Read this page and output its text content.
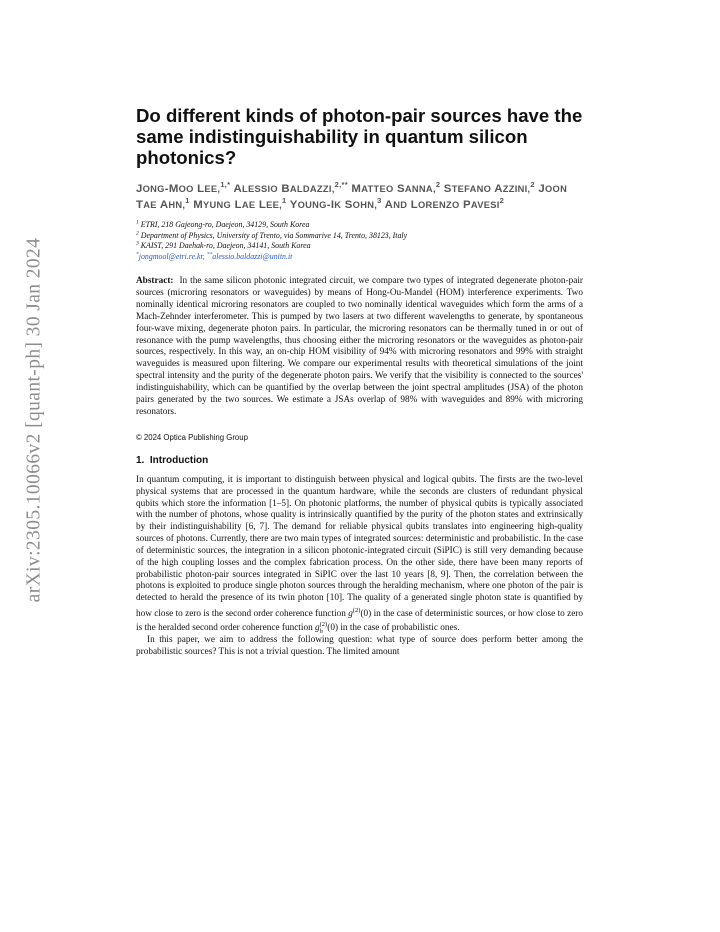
arXiv:2305.10066v2 [quant-ph] 30 Jan 2024
Do different kinds of photon-pair sources have the same indistinguishability in quantum silicon photonics?
JONG-MOO LEE,$^{1,*}$ ALESSIO BALDAZZI,$^{2,**}$ MATTEO SANNA,$^2$ STEFANO AZZINI,$^2$ JOON TAE AHN,$^1$ MYUNG LAE LEE,$^1$ YOUNG-IK SOHN,$^3$ AND LORENZO PAVESI$^2$
$^1$ ETRI, 218 Gajeong-ro, Daejeon, 34129, South Korea
$^2$ Department of Physics, University of Trento, via Sommarive 14, Trento, 38123, Italy
$^3$ KAIST, 291 Daehak-ro, Daejeon, 34141, South Korea
*jongmool@etri.re.kr, **alessio.baldazzi@unitn.it

Abstract: In the same silicon photonic integrated circuit, we compare two types of integrated degenerate photon-pair sources (microring resonators or waveguides) by means of Hong-Ou-Mandel (HOM) interference experiments. Two nominally identical microring resonators are coupled to two nominally identical waveguides which form the arms of a Mach-Zehnder interferometer. This is pumped by two lasers at two different wavelengths to generate, by spontaneous four-wave mixing, degenerate photon pairs. In particular, the microring resonators can be thermally tuned in or out of resonance with the pump wavelengths, thus choosing either the microring resonators or the waveguides as photon-pair sources, respectively. In this way, an on-chip HOM visibility of 94% with microring resonators and 99% with straight waveguides is measured upon filtering. We compare our experimental results with theoretical simulations of the joint spectral intensity and the purity of the degenerate photon pairs. We verify that the visibility is connected to the sources' indistinguishability, which can be quantified by the overlap between the joint spectral amplitudes (JSA) of the photon pairs generated by the two sources. We estimate a JSAs overlap of 98% with waveguides and 89% with microring resonators.

© 2024 Optica Publishing Group
1. Introduction

In quantum computing, it is important to distinguish between physical and logical qubits. The firsts are the two-level physical systems that are processed in the quantum hardware, while the seconds are clusters of redundant physical qubits which store the information [1–5]. On photonic platforms, the number of physical qubits is typically associated with the number of photons, whose quality is intrinsically quantified by the purity of the photon states and extrinsically by their indistinguishability [6, 7]. The demand for reliable physical qubits translates into engineering high-quality sources of photons. Currently, there are two main types of integrated sources: deterministic and probabilistic. In the case of deterministic sources, the integration in a silicon photonic-integrated circuit (SiPIC) is still very demanding because of the high coupling losses and the complex fabrication process. On the other side, there have been many reports of probabilistic photon-pair sources integrated in SiPIC over the last 10 years [8, 9]. Then, the correlation between the photons is exploited to produce single photon sources through the heralding mechanism, where one photon of the pair is detected to herald the presence of its twin photon [10]. The quality of a generated single photon state is quantified by how close to zero is the second order coherence function $g^{(2)}(0)$ in the case of deterministic sources, or how close to zero is the heralded second order coherence function g (2)
h (0) in the case of probabilistic ones.

In this paper, we aim to address the following question: what type of source does perform better among the probabilistic sources? This is not a trivial question. The limited amount
